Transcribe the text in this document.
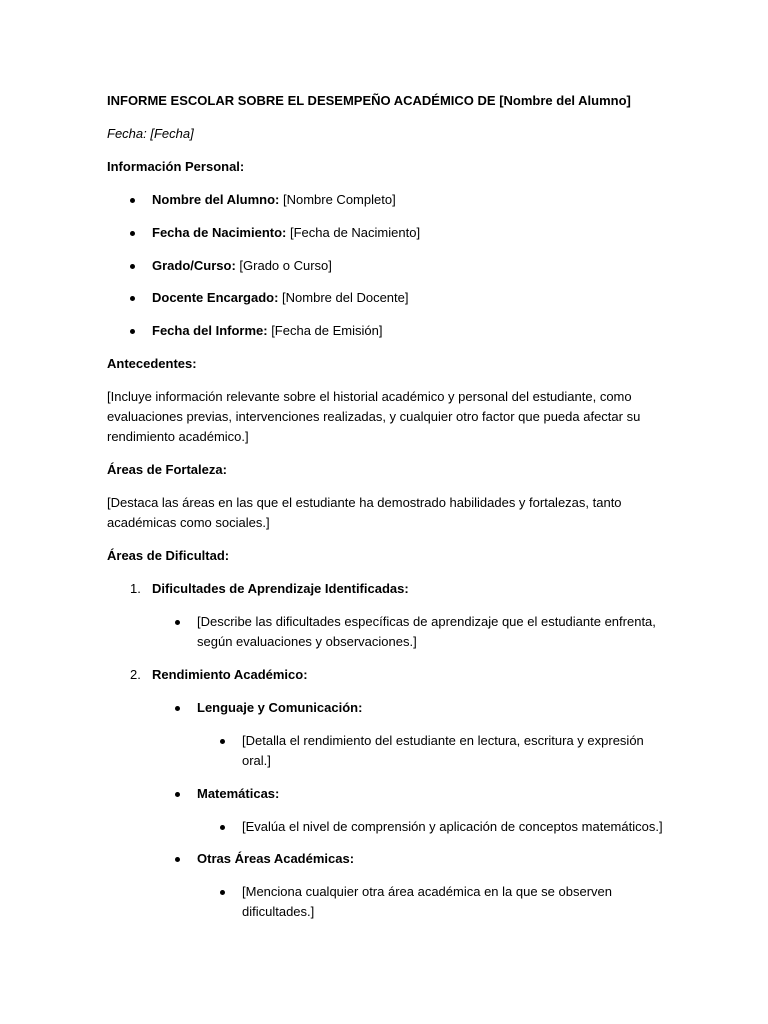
INFORME ESCOLAR SOBRE EL DESEMPEÑO ACADÉMICO DE [Nombre del Alumno]
Fecha: [Fecha]
Información Personal:
Nombre del Alumno: [Nombre Completo]
Fecha de Nacimiento: [Fecha de Nacimiento]
Grado/Curso: [Grado o Curso]
Docente Encargado: [Nombre del Docente]
Fecha del Informe: [Fecha de Emisión]
Antecedentes:
[Incluye información relevante sobre el historial académico y personal del estudiante, como
evaluaciones previas, intervenciones realizadas, y cualquier otro factor que pueda afectar su
rendimiento académico.]
Áreas de Fortaleza:
[Destaca las áreas en las que el estudiante ha demostrado habilidades y fortalezas, tanto
académicas como sociales.]
Áreas de Dificultad:
1. Dificultades de Aprendizaje Identificadas:
[Describe las dificultades específicas de aprendizaje que el estudiante enfrenta,
según evaluaciones y observaciones.]
2. Rendimiento Académico:
Lenguaje y Comunicación:
[Detalla el rendimiento del estudiante en lectura, escritura y expresión
oral.]
Matemáticas:
[Evalúa el nivel de comprensión y aplicación de conceptos matemáticos.]
Otras Áreas Académicas:
[Menciona cualquier otra área académica en la que se observen
dificultades.]
